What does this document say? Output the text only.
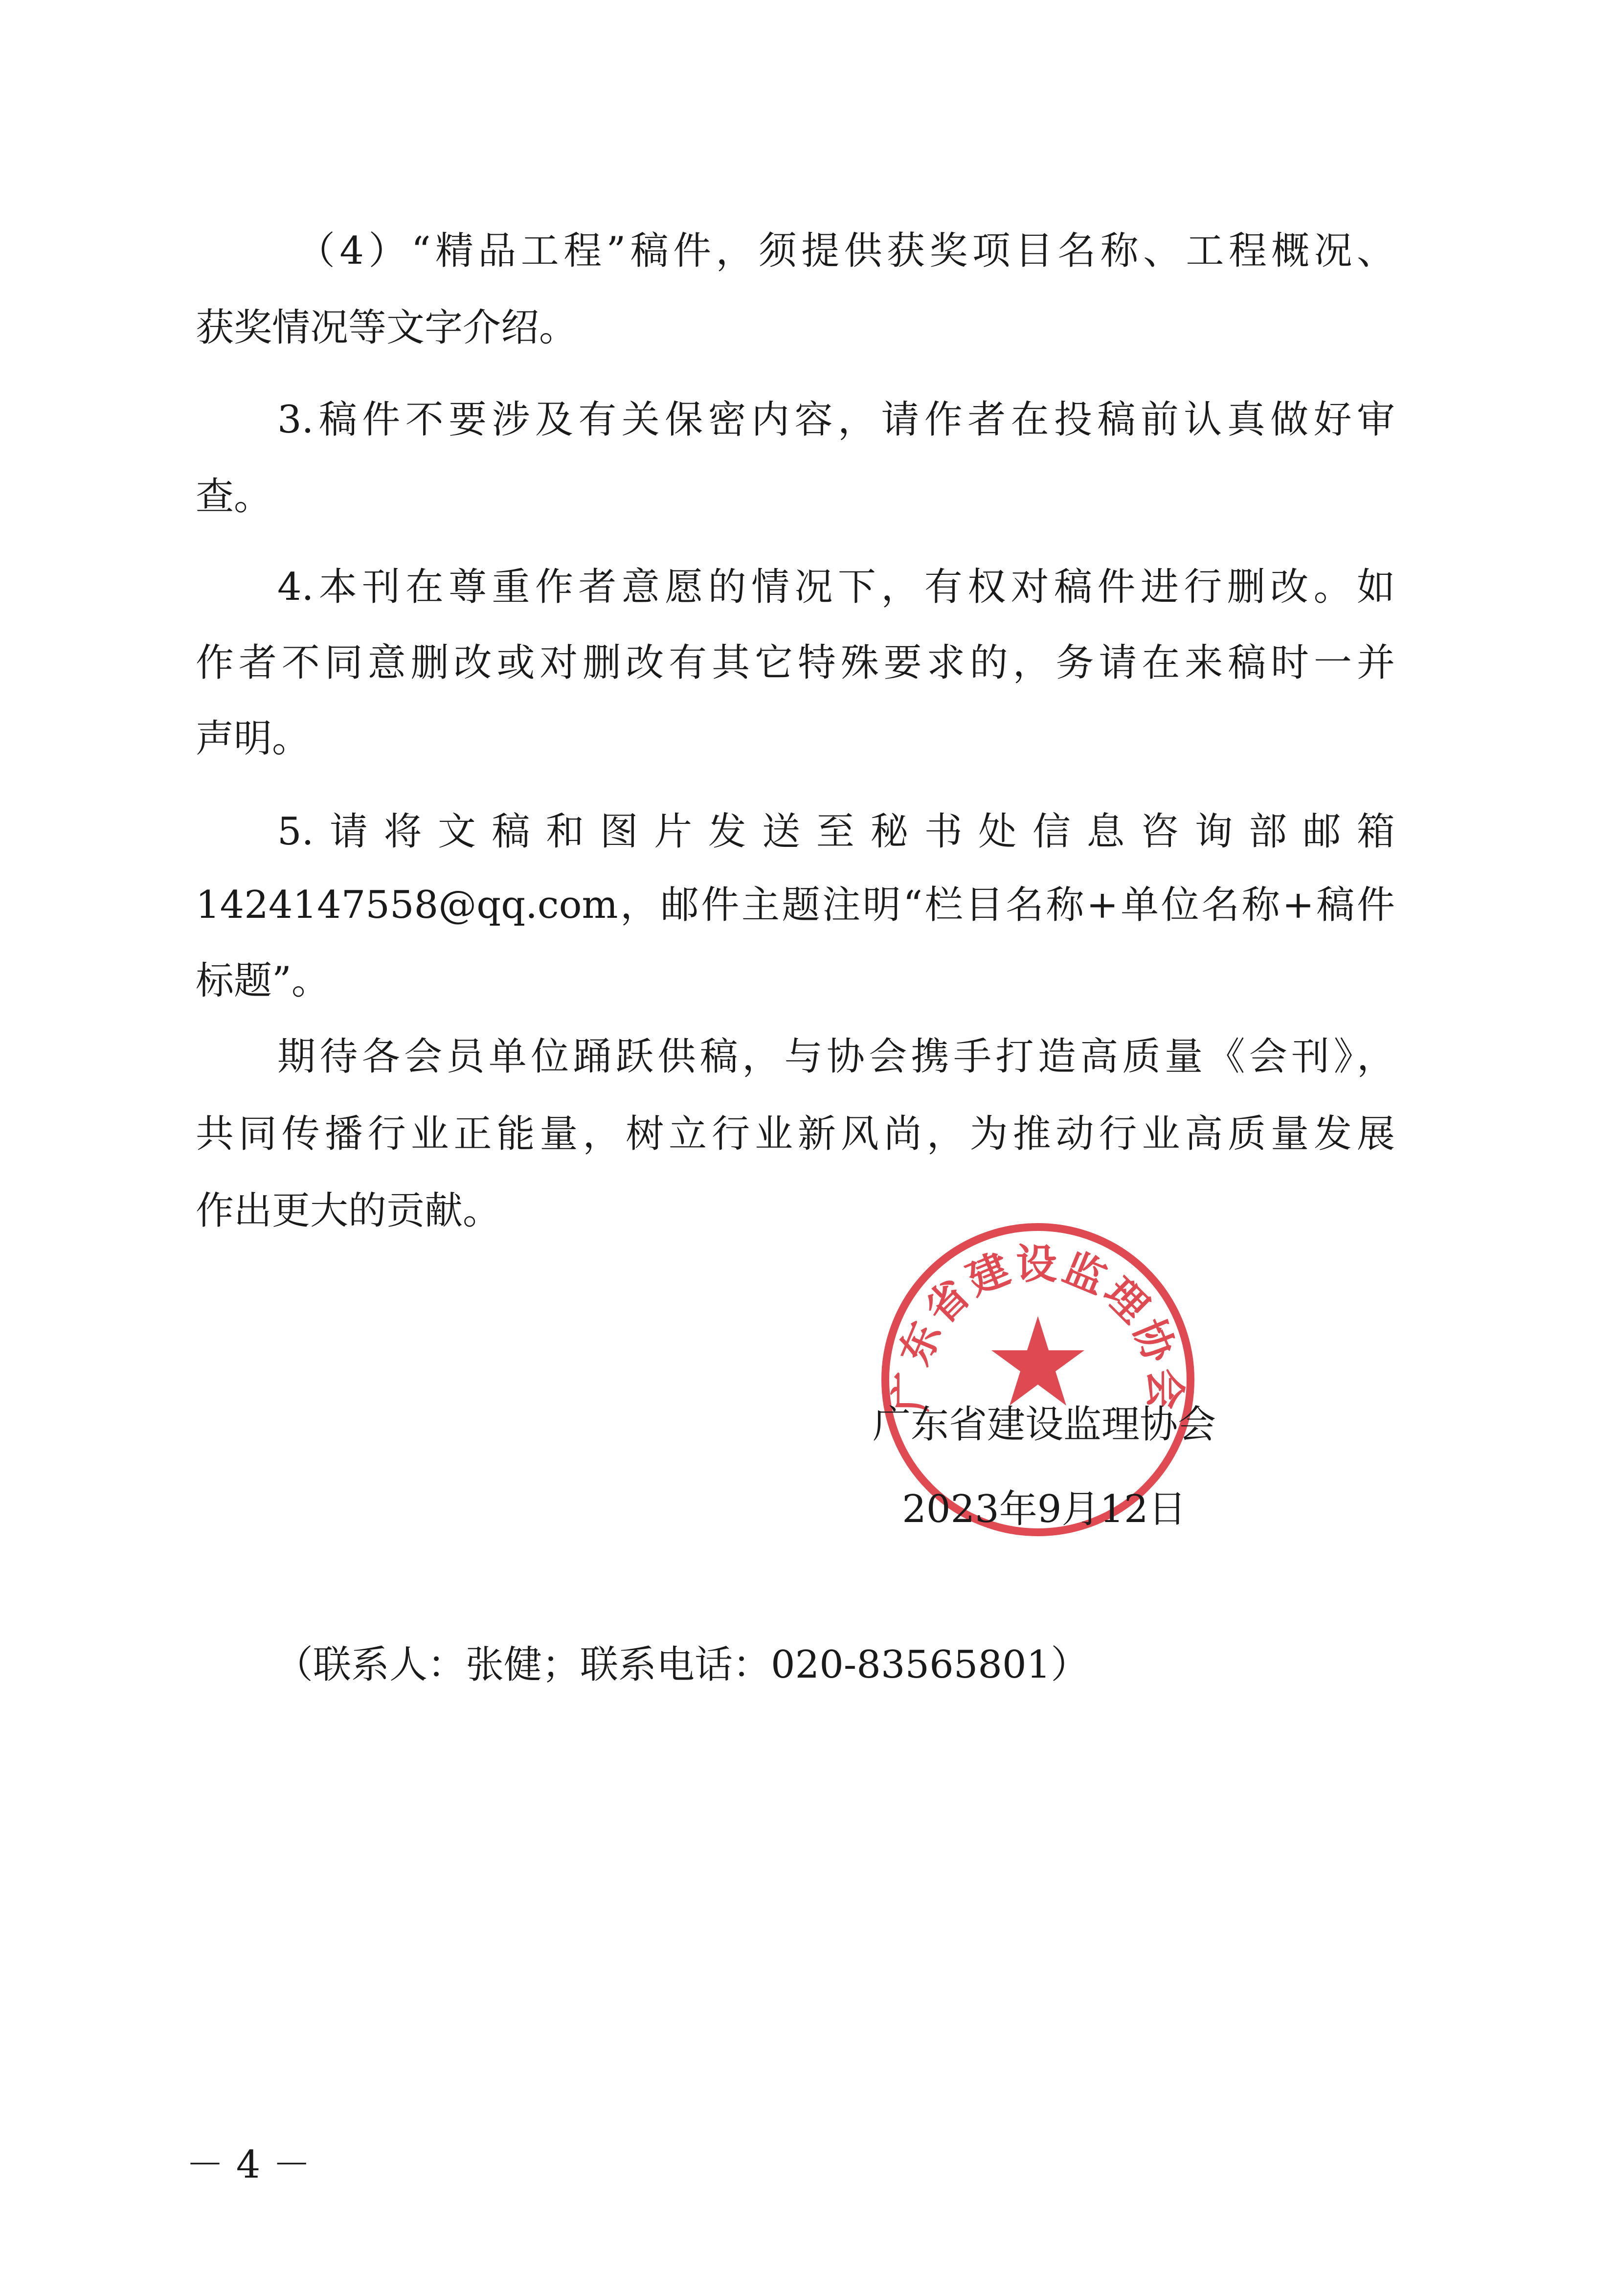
（4）“精品工程”稿件，须提供获奖项目名称、工程概况、
获奖情况等文字介绍。
3.稿件不要涉及有关保密内容，请作者在投稿前认真做好审
查。
4.本刊在尊重作者意愿的情况下，有权对稿件进行删改。如
作者不同意删改或对删改有其它特殊要求的，务请在来稿时一并
声明。
5.请将文稿和图片发送至秘书处信息咨询部邮箱
1424147558@qq.com，邮件主题注明“栏目名称+单位名称+稿件
标题”。
期待各会员单位踊跃供稿，与协会携手打造高质量《会刊》，
共同传播行业正能量，树立行业新风尚，为推动行业高质量发展
作出更大的贡献。
广东省建设监理协会
广东省建设监理协会
2023年9月12日
（联系人：张健；联系电话：020-83565801）
－ 4 －
